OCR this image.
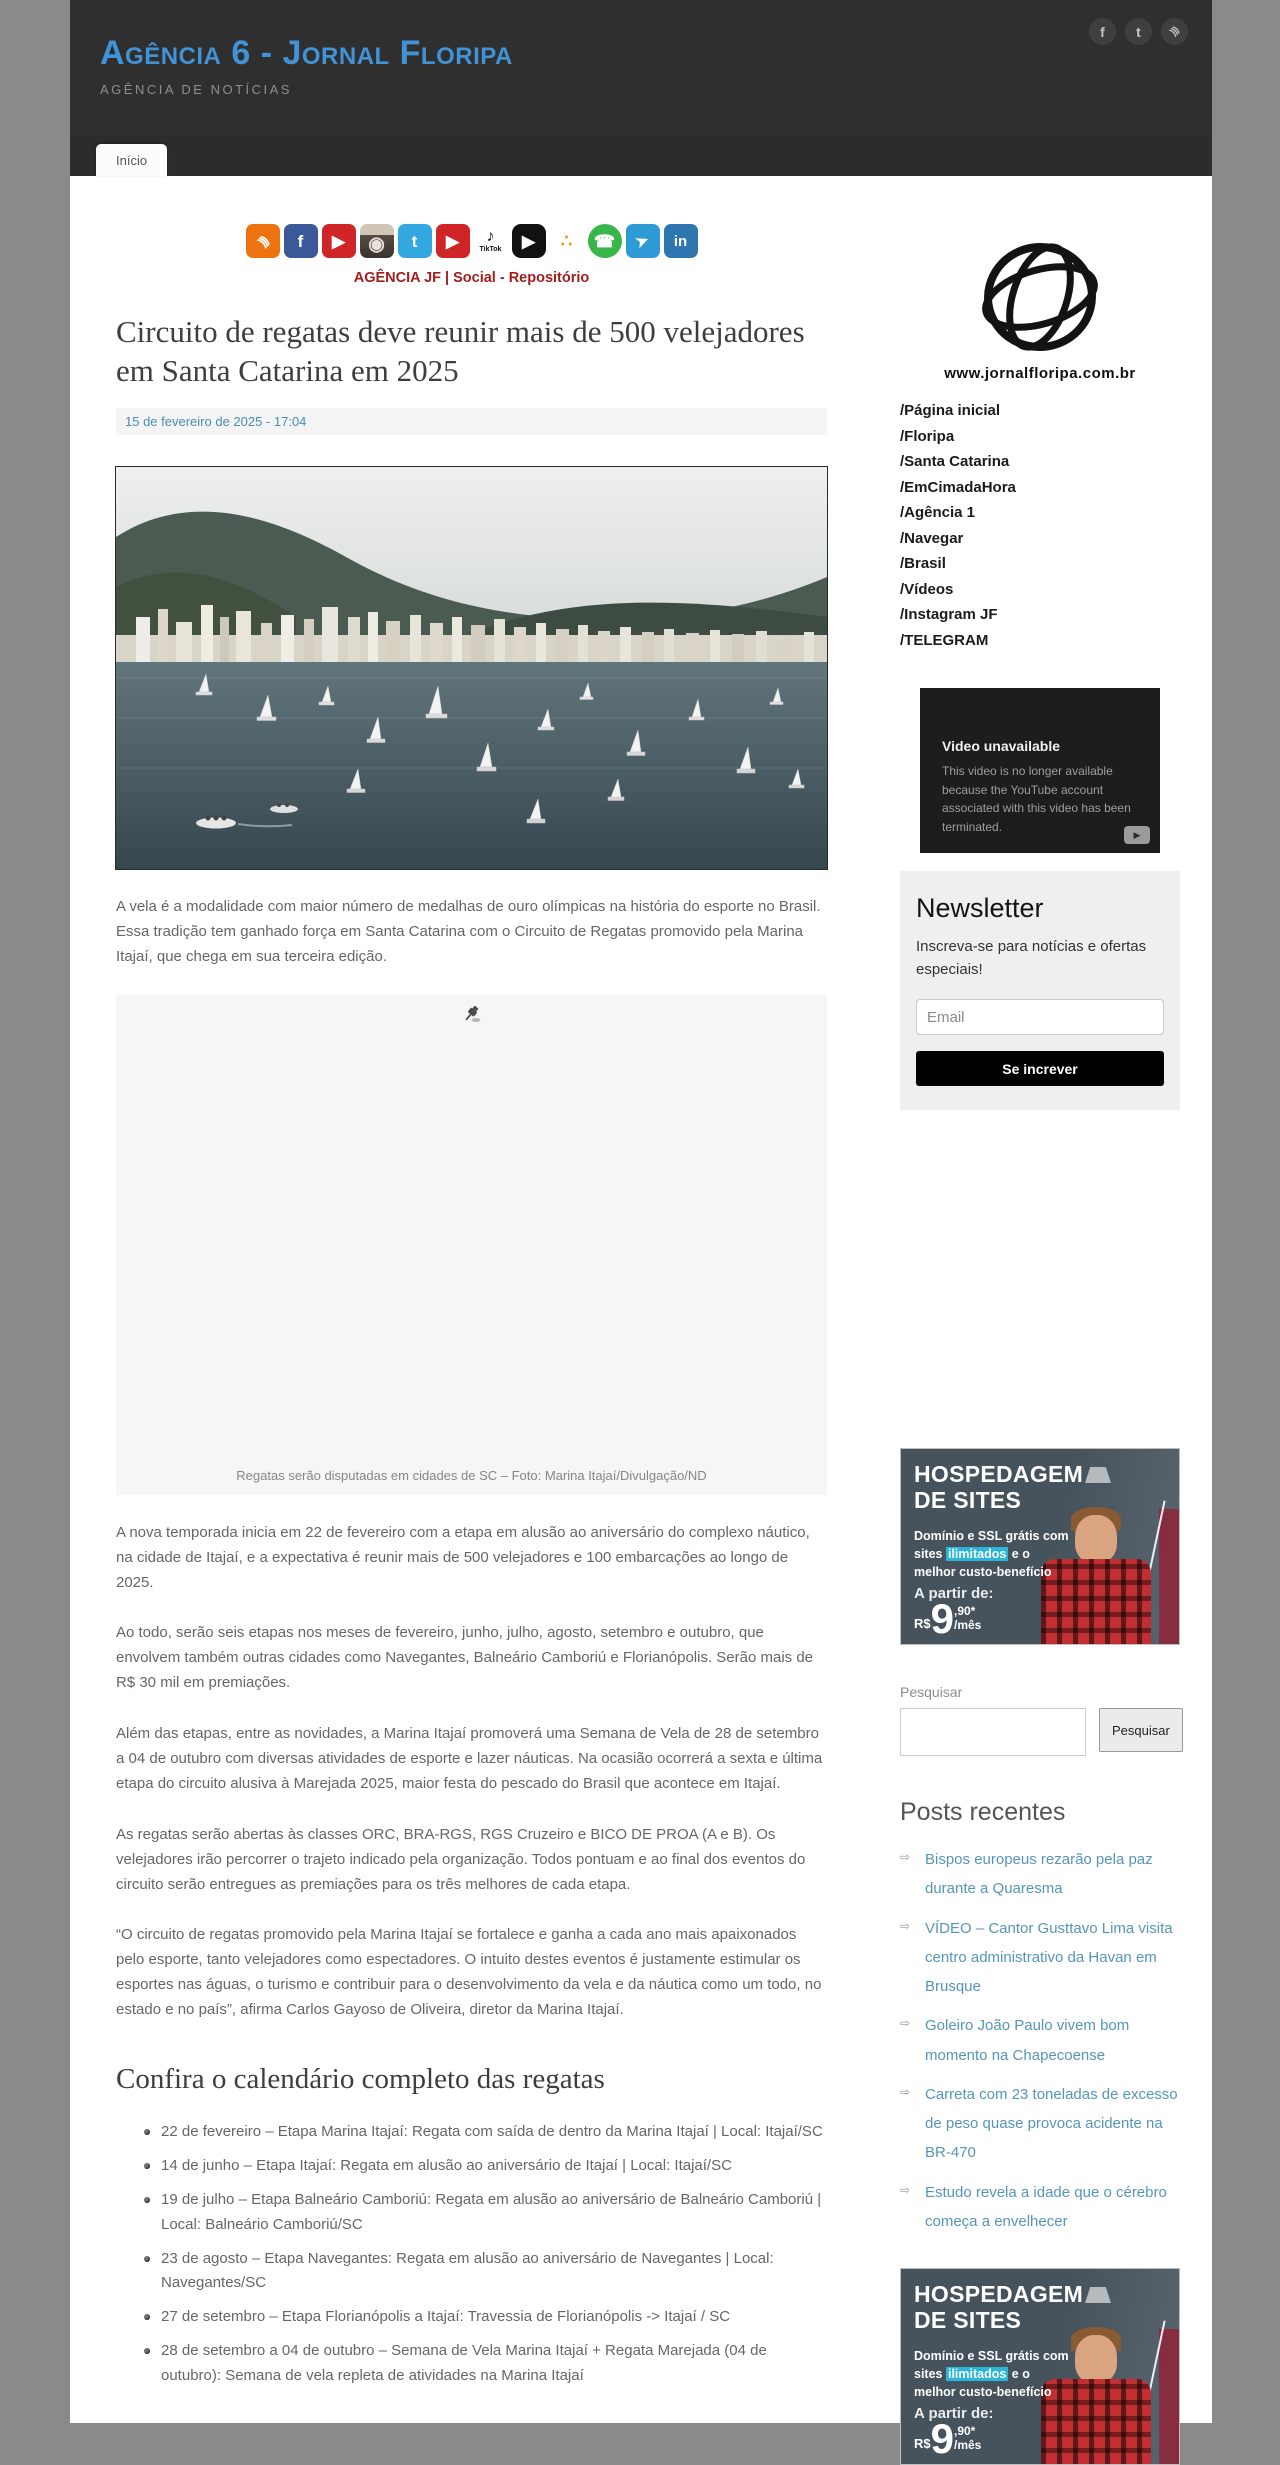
Agência 6 - Jornal Floripa
AGÊNCIA DE NOTÍCIAS
f t	)))
Início
))) f ▶ ◉ t ▶ ♪
TikTok ▶ ∴ ☎ ➤ in
AGÊNCIA JF | Social - Repositório
Circuito de regatas deve reunir mais de 500 velejadores em Santa Catarina em 2025
15 de fevereiro de 2025 - 17:04

A vela é a modalidade com maior número de medalhas de ouro olímpicas na história do esporte no Brasil. Essa tradição tem ganhado força em Santa Catarina com o Circuito de Regatas promovido pela Marina Itajaí, que chega em sua terceira edição.

Regatas serão disputadas em cidades de SC – Foto: Marina Itajaí/Divulgação/ND

A nova temporada inicia em 22 de fevereiro com a etapa em alusão ao aniversário do complexo náutico, na cidade de Itajaí, e a expectativa é reunir mais de 500 velejadores e 100 embarcações ao longo de 2025.

Ao todo, serão seis etapas nos meses de fevereiro, junho, julho, agosto, setembro e outubro, que envolvem também outras cidades como Navegantes, Balneário Camboriú e Florianópolis. Serão mais de R$ 30 mil em premiações.

Além das etapas, entre as novidades, a Marina Itajaí promoverá uma Semana de Vela de 28 de setembro a 04 de outubro com diversas atividades de esporte e lazer náuticas. Na ocasião ocorrerá a sexta e última etapa do circuito alusiva à Marejada 2025, maior festa do pescado do Brasil que acontece em Itajaí.

As regatas serão abertas às classes ORC, BRA-RGS, RGS Cruzeiro e BICO DE PROA (A e B). Os velejadores irão percorrer o trajeto indicado pela organização. Todos pontuam e ao final dos eventos do circuito serão entregues as premiações para os três melhores de cada etapa.

“O circuito de regatas promovido pela Marina Itajaí se fortalece e ganha a cada ano mais apaixonados pelo esporte, tanto velejadores como espectadores. O intuito destes eventos é justamente estimular os esportes nas águas, o turismo e contribuir para o desenvolvimento da vela e da náutica como um todo, no estado e no país”, afirma Carlos Gayoso de Oliveira, diretor da Marina Itajaí.

Confira o calendário completo das regatas
22 de fevereiro – Etapa Marina Itajaí: Regata com saída de dentro da Marina Itajaí | Local: Itajaí/SC
14 de junho – Etapa Itajaí: Regata em alusão ao aniversário de Itajaí | Local: Itajaí/SC
19 de julho – Etapa Balneário Camboriú: Regata em alusão ao aniversário de Balneário Camboriú | Local: Balneário Camboriú/SC
23 de agosto – Etapa Navegantes: Regata em alusão ao aniversário de Navegantes | Local: Navegantes/SC
27 de setembro – Etapa Florianópolis a Itajaí: Travessia de Florianópolis -> Itajaí / SC
28 de setembro a 04 de outubro – Semana de Vela Marina Itajaí + Regata Marejada (04 de outubro): Semana de vela repleta de atividades na Marina Itajaí
www.jornalfloripa.com.br
/Página inicial
/Floripa
/Santa Catarina
/EmCimadaHora
/Agência 1
/Navegar
/Brasil
/Vídeos
/Instagram JF
/TELEGRAM
Video unavailable
This video is no longer available because the YouTube account associated with this video has been terminated.
▶
Newsletter
Inscreva-se para notícias e ofertas especiais!
Email Se increver
HOSPEDAGEM
DE SITES
Domínio e SSL grátis com sites ilimitados e o melhor custo-benefício
A partir de:
R$ 9 ,90*
/mês
Pesquisar
Pesquisar
Posts recentes
⇨ Bispos europeus rezarão pela paz durante a Quaresma
⇨ VÍDEO – Cantor Gusttavo Lima visita centro administrativo da Havan em Brusque
⇨ Goleiro João Paulo vivem bom momento na Chapecoense
⇨ Carreta com 23 toneladas de excesso de peso quase provoca acidente na BR-470
⇨ Estudo revela a idade que o cérebro começa a envelhecer
HOSPEDAGEM
DE SITES
Domínio e SSL grátis com sites ilimitados e o melhor custo-benefício
A partir de:
R$ 9 ,90*
/mês
